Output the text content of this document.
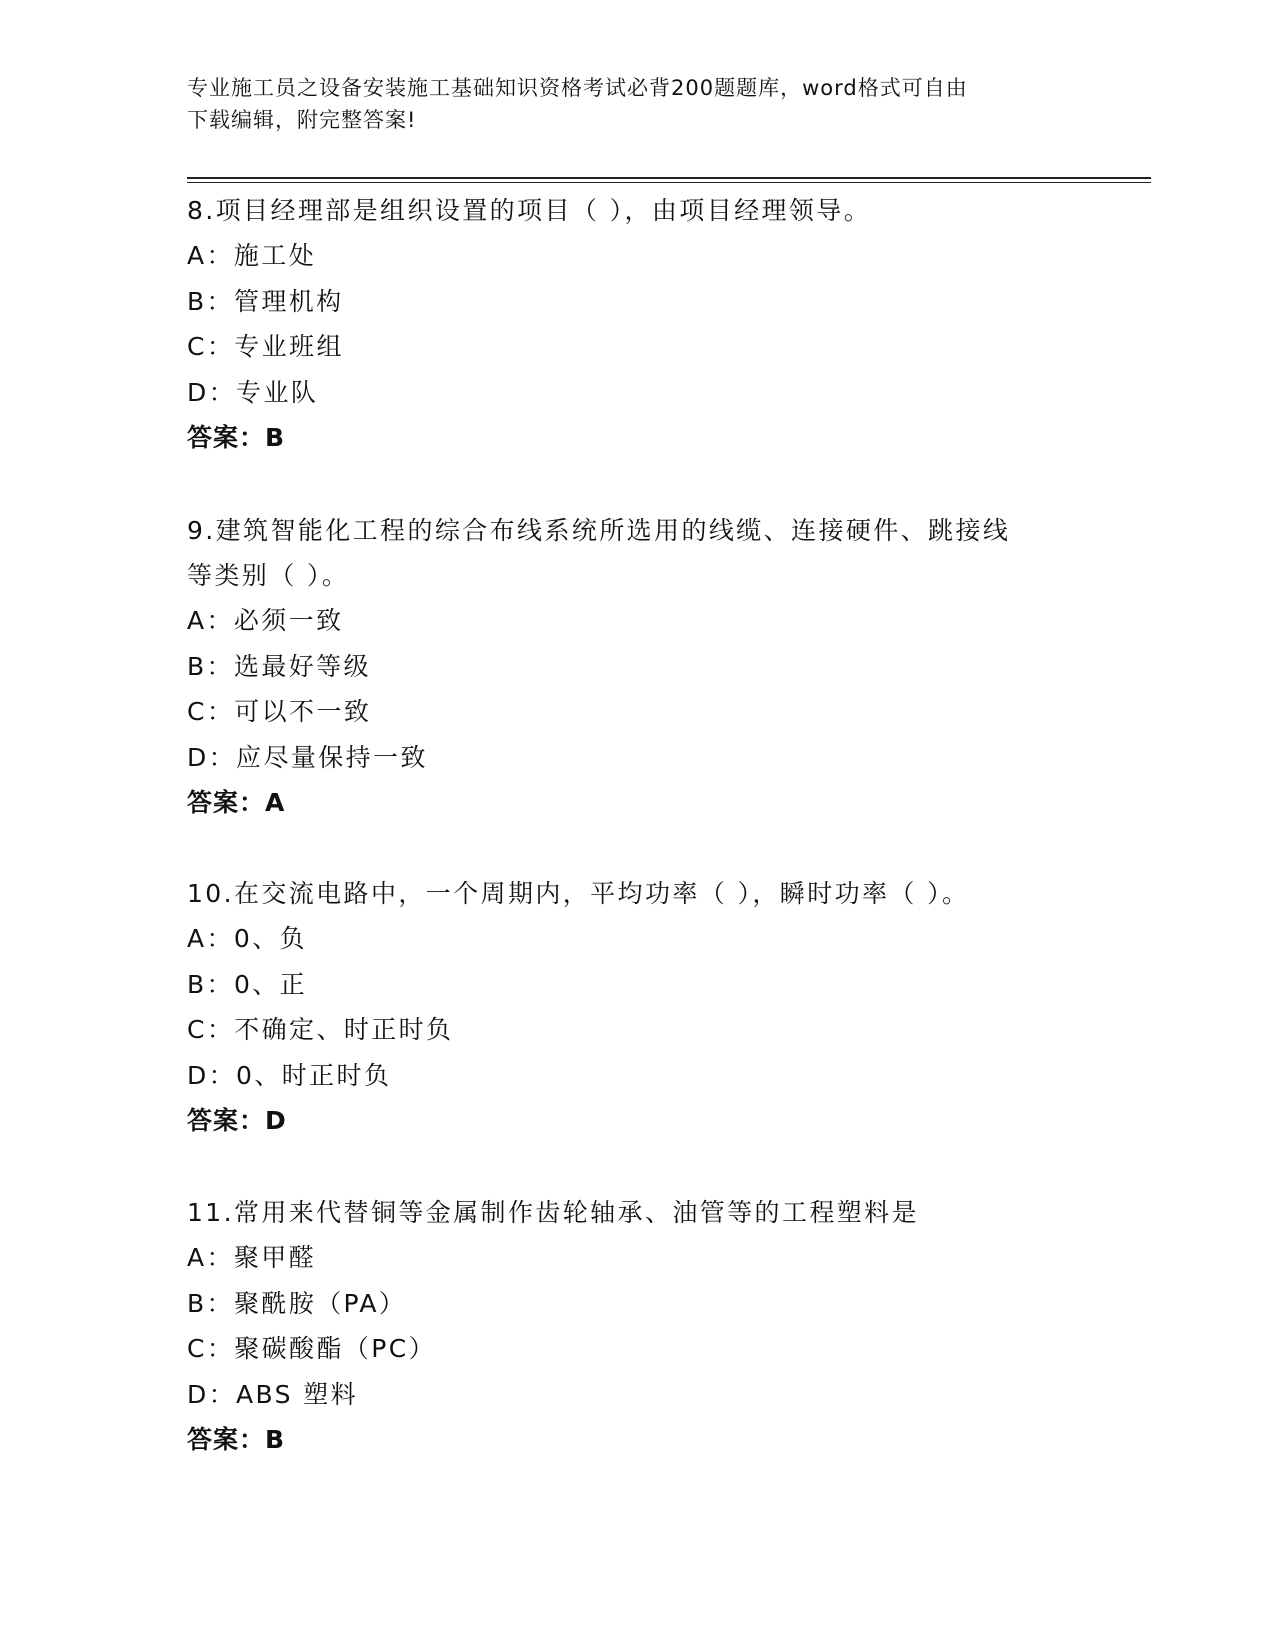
专业施工员之设备安装施工基础知识资格考试必背200题题库，word格式可自由
下载编辑，附完整答案!
8.项目经理部是组织设置的项目（ ），由项目经理领导。
A：施工处
B：管理机构
C：专业班组
D：专业队
答案：B
9.建筑智能化工程的综合布线系统所选用的线缆、连接硬件、跳接线
等类别（ ）。
A：必须一致
B：选最好等级
C：可以不一致
D：应尽量保持一致
答案：A
10.在交流电路中，一个周期内，平均功率（ ），瞬时功率（ ）。
A：0、负
B：0、正
C：不确定、时正时负
D：0、时正时负
答案：D
11.常用来代替铜等金属制作齿轮轴承、油管等的工程塑料是
A：聚甲醛
B：聚酰胺（PA）
C：聚碳酸酯（PC）
D：ABS 塑料
答案：B
